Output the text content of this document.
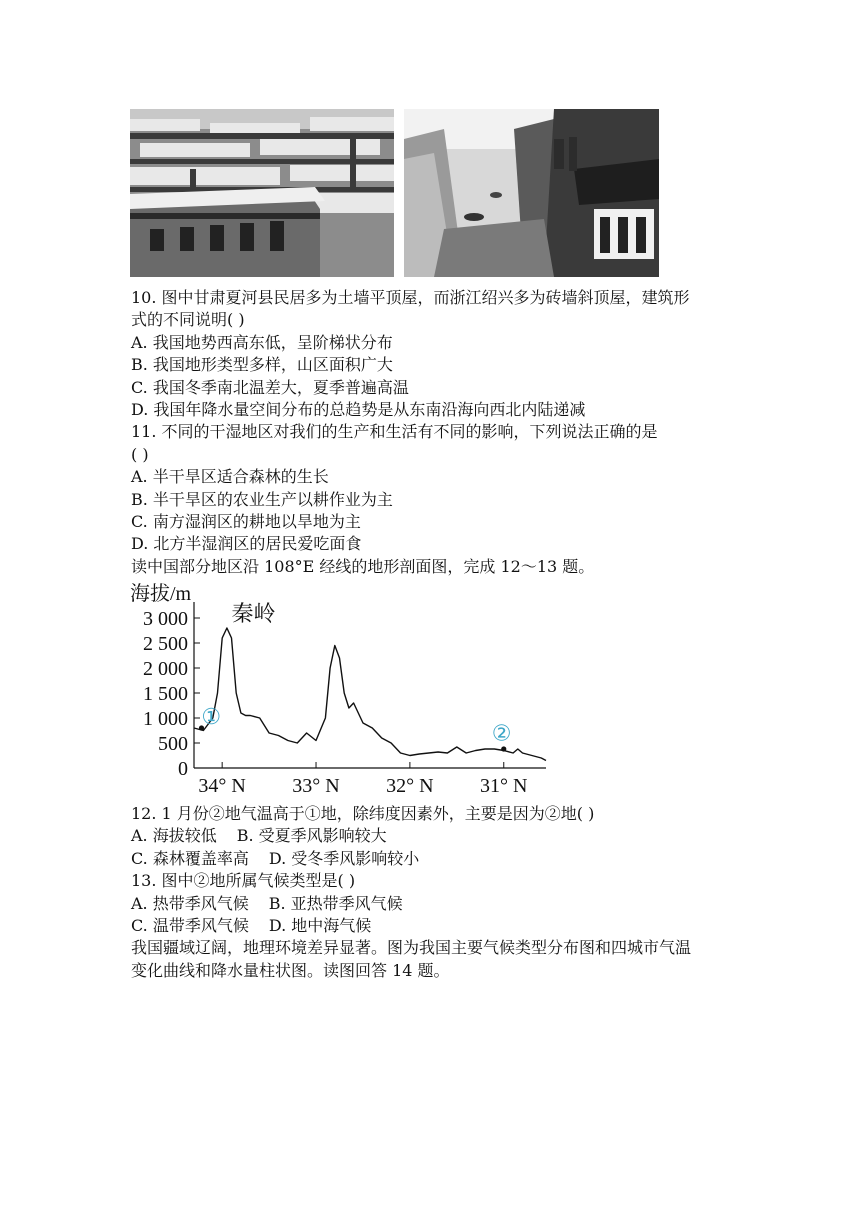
10. 图中甘肃夏河县民居多为土墙平顶屋，而浙江绍兴多为砖墙斜顶屋，建筑形
式的不同说明( )
A. 我国地势西高东低，呈阶梯状分布
B. 我国地形类型多样，山区面积广大
C. 我国冬季南北温差大，夏季普遍高温
D. 我国年降水量空间分布的总趋势是从东南沿海向西北内陆递减
11. 不同的干湿地区对我们的生产和生活有不同的影响，下列说法正确的是
( )
A. 半干旱区适合森林的生长
B. 半干旱区的农业生产以耕作业为主
C. 南方湿润区的耕地以旱地为主
D. 北方半湿润区的居民爱吃面食
读中国部分地区沿 108°E 经线的地形剖面图，完成 12～13 题。
海拔/m
3 000
2 500
2 000
1 500
1 000
500
0
34° N 33° N 32° N 31° N
秦岭
①
②
12. 1 月份②地气温高于①地，除纬度因素外，主要是因为②地( )
A. 海拔较低 B. 受夏季风影响较大
C. 森林覆盖率高 D. 受冬季风影响较小
13. 图中②地所属气候类型是( )
A. 热带季风气候 B. 亚热带季风气候
C. 温带季风气候 D. 地中海气候
我国疆域辽阔，地理环境差异显著。图为我国主要气候类型分布图和四城市气温
变化曲线和降水量柱状图。读图回答 14 题。
